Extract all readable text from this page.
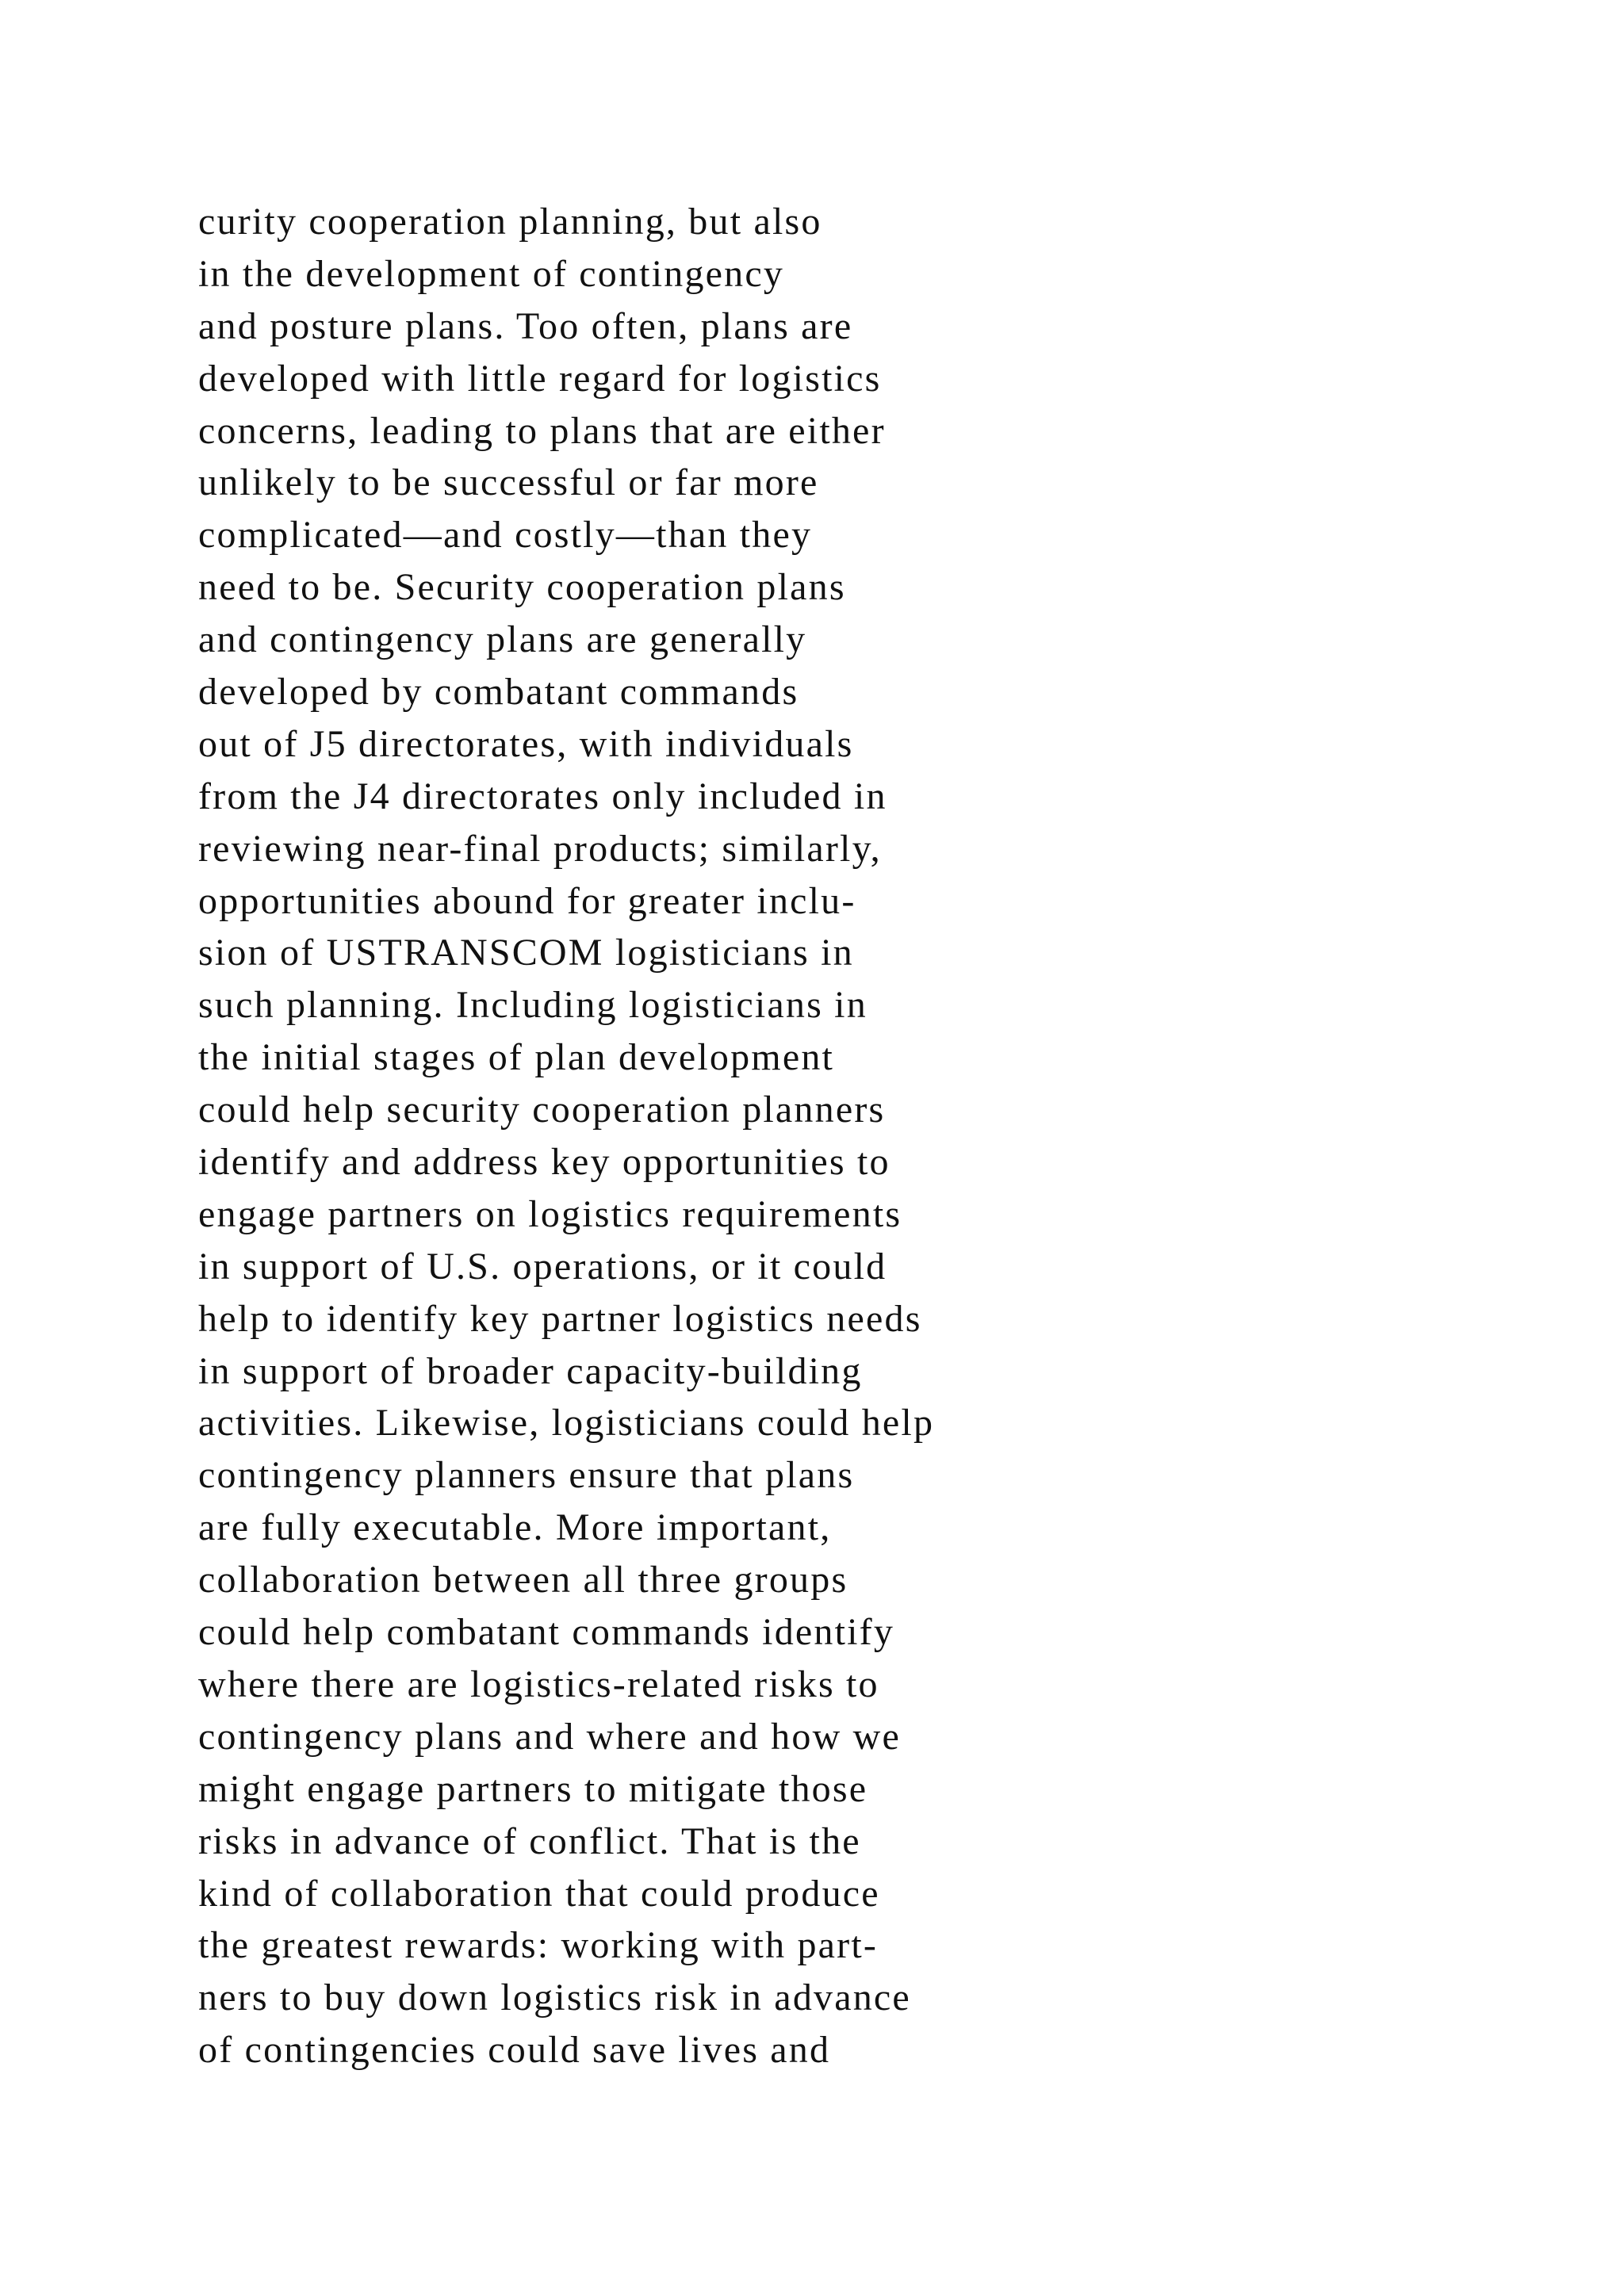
curity cooperation planning, but also
in the development of contingency
and posture plans. Too often, plans are
developed with little regard for logistics
concerns, leading to plans that are either
unlikely to be successful or far more
complicated—and costly—than they
need to be. Security cooperation plans
and contingency plans are generally
developed by combatant commands
out of J5 directorates, with individuals
from the J4 directorates only included in
reviewing near-final products; similarly,
opportunities abound for greater inclu-
sion of USTRANSCOM logisticians in
such planning. Including logisticians in
the initial stages of plan development
could help security cooperation planners
identify and address key opportunities to
engage partners on logistics requirements
in support of U.S. operations, or it could
help to identify key partner logistics needs
in support of broader capacity-building
activities. Likewise, logisticians could help
contingency planners ensure that plans
are fully executable. More important,
collaboration between all three groups
could help combatant commands identify
where there are logistics-related risks to
contingency plans and where and how we
might engage partners to mitigate those
risks in advance of conflict. That is the
kind of collaboration that could produce
the greatest rewards: working with part-
ners to buy down logistics risk in advance
of contingencies could save lives and
